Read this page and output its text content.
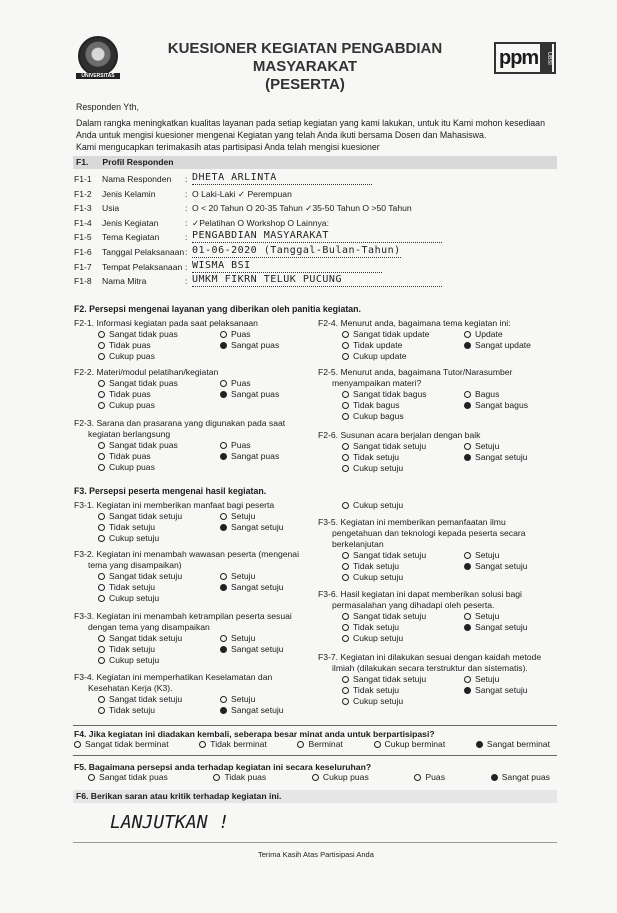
UNIVERSITAS
KUESIONER KEGIATAN PENGABDIAN MASYARAKAT
(PESERTA)
ppm	UBSI
Responden Yth,
Dalam rangka meningkatkan kualitas layanan pada setiap kegiatan yang kami lakukan, untuk itu Kami mohon kesediaan Anda untuk mengisi kuesioner mengenai Kegiatan yang telah Anda ikuti bersama Dosen dan Mahasiswa.
Kami mengucapkan terimakasih atas partisipasi Anda telah mengisi kuesioner
F1. Profil Responden
F1-1	Nama Responden : DHETA ARLINTA
F1-2	Jenis Kelamin	: O Laki-Laki ✓ Perempuan
F1-3	Usia	: O < 20 Tahun O 20-35 Tahun ✓35-50 Tahun O >50 Tahun
F1-4	Jenis Kegiatan	: ✓Pelatihan O Workshop O Lainnya:
F1-5	Tema Kegiatan	: PENGABDIAN MASYARAKAT
F1-6	Tanggal Pelaksanaan : 01-06-2020 (Tanggal-Bulan-Tahun)
F1-7	Tempat Pelaksanaan : WISMA BSI
F1-8	Nama Mitra	: UMKM FIKRN TELUK PUCUNG
F2. Persepsi mengenai layanan yang diberikan oleh panitia kegiatan.
F2-1. Informasi kegiatan pada saat pelaksanaan
Sangat tidak puas	Puas
Tidak puas	Sangat puas
Cukup puas
F2-2. Materi/modul pelatihan/kegiatan
Sangat tidak puas	Puas
Tidak puas	Sangat puas
Cukup puas
F2-3. Sarana dan prasarana yang digunakan pada saat kegiatan berlangsung
Sangat tidak puas	Puas
Tidak puas	Sangat puas
Cukup puas
F2-4. Menurut anda, bagaimana tema kegiatan ini:
Sangat tidak update	Update
Tidak update	Sangat update
Cukup update
F2-5. Menurut anda, bagaimana Tutor/Narasumber menyampaikan materi?
Sangat tidak bagus	Bagus
Tidak bagus	Sangat bagus
Cukup bagus
F2-6. Susunan acara berjalan dengan baik
Sangat tidak setuju	Setuju
Tidak setuju	Sangat setuju
Cukup setuju
F3. Persepsi peserta mengenai hasil kegiatan.
F3-1. Kegiatan ini memberikan manfaat bagi peserta
Sangat tidak setuju	Setuju
Tidak setuju	Sangat setuju
Cukup setuju
F3-2. Kegiatan ini menambah wawasan peserta (mengenai tema yang disampaikan)
Sangat tidak setuju	Setuju
Tidak setuju	Sangat setuju
Cukup setuju
F3-3. Kegiatan ini menambah ketrampilan peserta sesuai dengan tema yang disampaikan
Sangat tidak setuju	Setuju
Tidak setuju	Sangat setuju
Cukup setuju
F3-4. Kegiatan ini memperhatikan Keselamatan dan Kesehatan Kerja (K3).
Sangat tidak setuju	Setuju
Tidak setuju	Sangat setuju
Cukup setuju
F3-5. Kegiatan ini memberikan pemanfaatan ilmu pengetahuan dan teknologi kepada peserta secara berkelanjutan
Sangat tidak setuju	Setuju
Tidak setuju	Sangat setuju
Cukup setuju
F3-6. Hasil kegiatan ini dapat memberikan solusi bagi permasalahan yang dihadapi oleh peserta.
Sangat tidak setuju	Setuju
Tidak setuju	Sangat setuju
Cukup setuju
F3-7. Kegiatan ini dilakukan sesuai dengan kaidah metode ilmiah (dilakukan secara terstruktur dan sistematis).
Sangat tidak setuju	Setuju
Tidak setuju	Sangat setuju
Cukup setuju
F4. Jika kegiatan ini diadakan kembali, seberapa besar minat anda untuk berpartisipasi?
Sangat tidak berminat	Tidak berminat	Berminat	Cukup berminat	Sangat berminat
F5. Bagaimana persepsi anda terhadap kegiatan ini secara keseluruhan?
Sangat tidak puas	Tidak puas	Cukup puas	Puas	Sangat puas
F6. Berikan saran atau kritik terhadap kegiatan ini.
LANJUTKAN !
Terima Kasih Atas Partisipasi Anda
